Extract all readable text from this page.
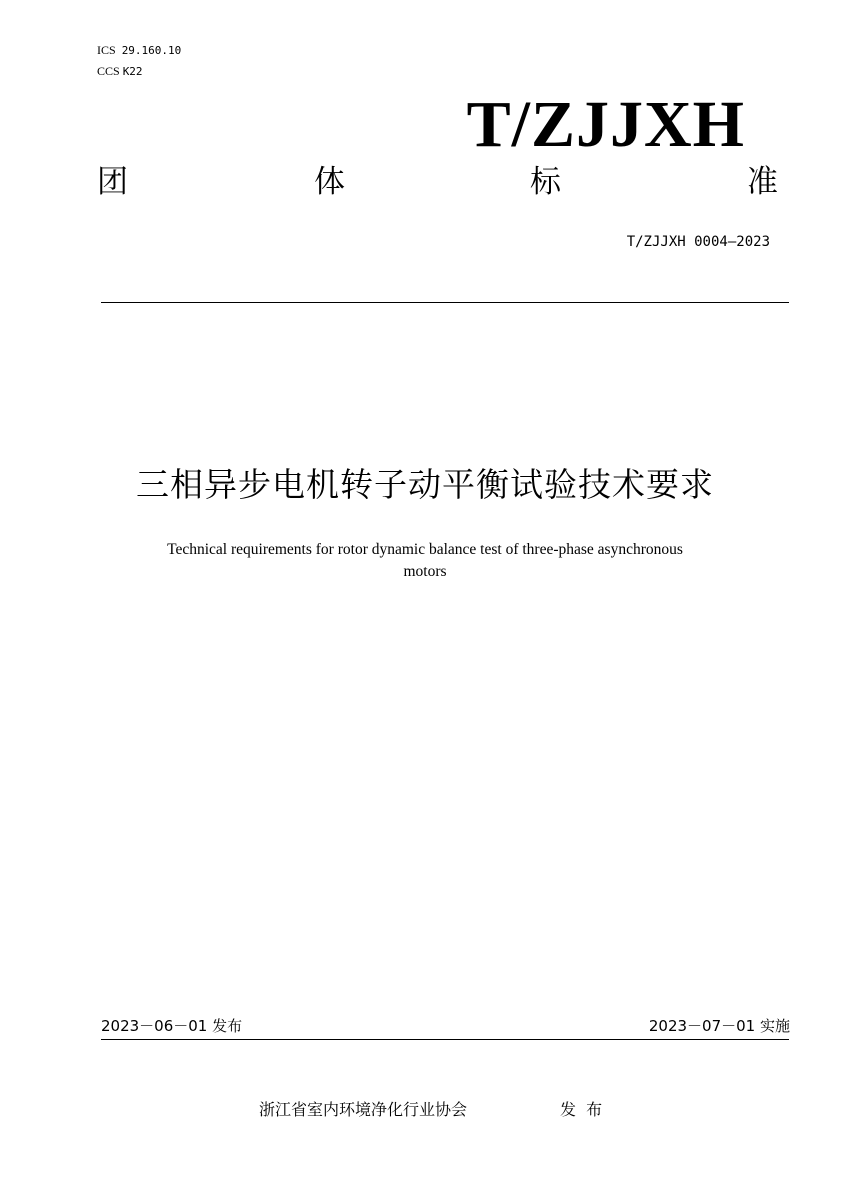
ICS 29.160.10
CCS K22
T/ZJJXH
团	体	标	准
T/ZJJXH 0004—2023
三相异步电机转子动平衡试验技术要求
Technical requirements for rotor dynamic balance test of three-phase asynchronous
motors
2023－06－01 发布	2023－07－01 实施
浙江省室内环境净化行业协会	发  布
